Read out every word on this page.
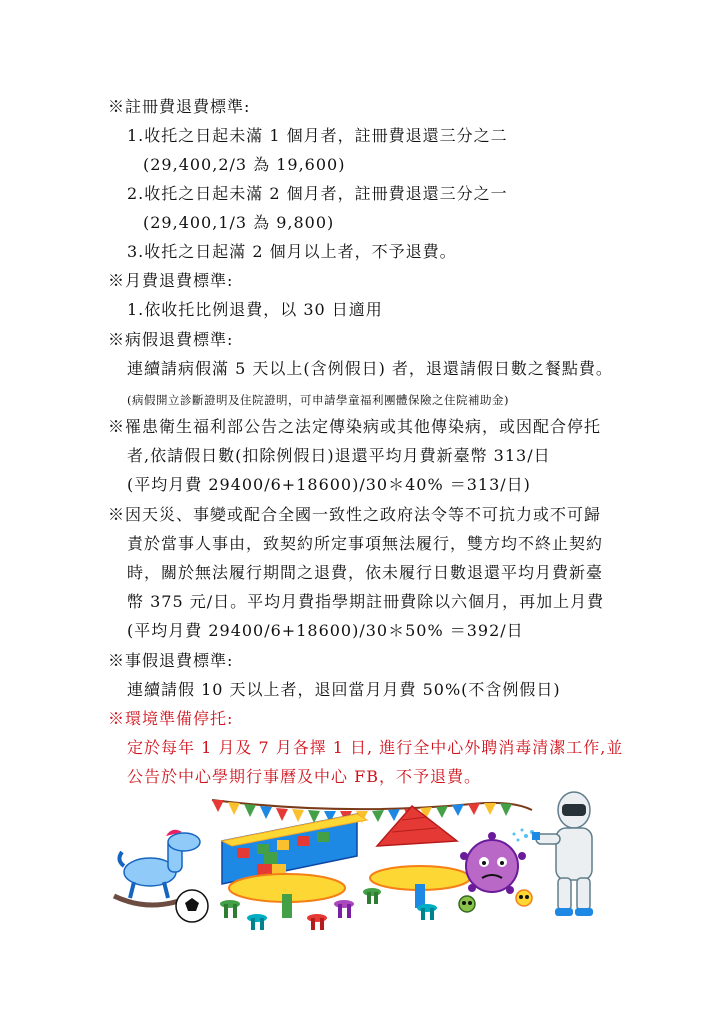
※註冊費退費標準:
1.收托之日起未滿 1 個月者，註冊費退還三分之二
(29,400,2/3 為 19,600)
2.收托之日起未滿 2 個月者，註冊費退還三分之一
(29,400,1/3 為 9,800)
3.收托之日起滿 2 個月以上者，不予退費。
※月費退費標準:
1.依收托比例退費，以 30 日適用
※病假退費標準:
連續請病假滿 5 天以上(含例假日) 者，退還請假日數之餐點費。
(病假開立診斷證明及住院證明，可申請學童福利團體保險之住院補助金)
※罹患衛生福利部公告之法定傳染病或其他傳染病，或因配合停托
者,依請假日數(扣除例假日)退還平均月費新臺幣 313/日
(平均月費 29400/6+18600)/30＊40% ＝313/日)
※因天災、事變或配合全國一致性之政府法令等不可抗力或不可歸
責於當事人事由，致契約所定事項無法履行，雙方均不終止契約
時，關於無法履行期間之退費，依未履行日數退還平均月費新臺
幣 375 元/日。平均月費指學期註冊費除以六個月，再加上月費
(平均月費 29400/6+18600)/30＊50% ＝392/日
※事假退費標準:
連續請假 10 天以上者，退回當月月費 50%(不含例假日)
※環境準備停托:
定於每年 1 月及 7 月各擇 1 日, 進行全中心外聘消毒清潔工作,並
公告於中心學期行事曆及中心 FB，不予退費。
